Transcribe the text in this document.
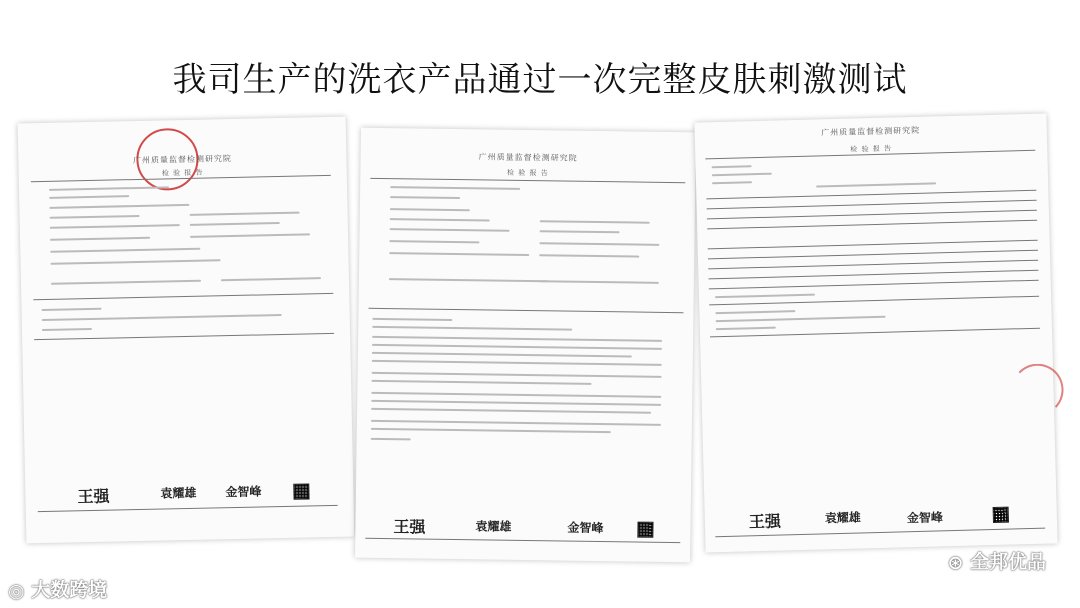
我司生产的洗衣产品通过一次完整皮肤刺激测试
广州质量监督检测研究院
检 验 报 告
王强	袁耀雄 金智峰
广州质量监督检测研究院
检 验 报 告
王强	袁耀雄	金智峰
广州质量监督检测研究院
检 验 报 告
王强	袁耀雄	金智峰
◎ 大数跨境
⊛ 全邦优品
